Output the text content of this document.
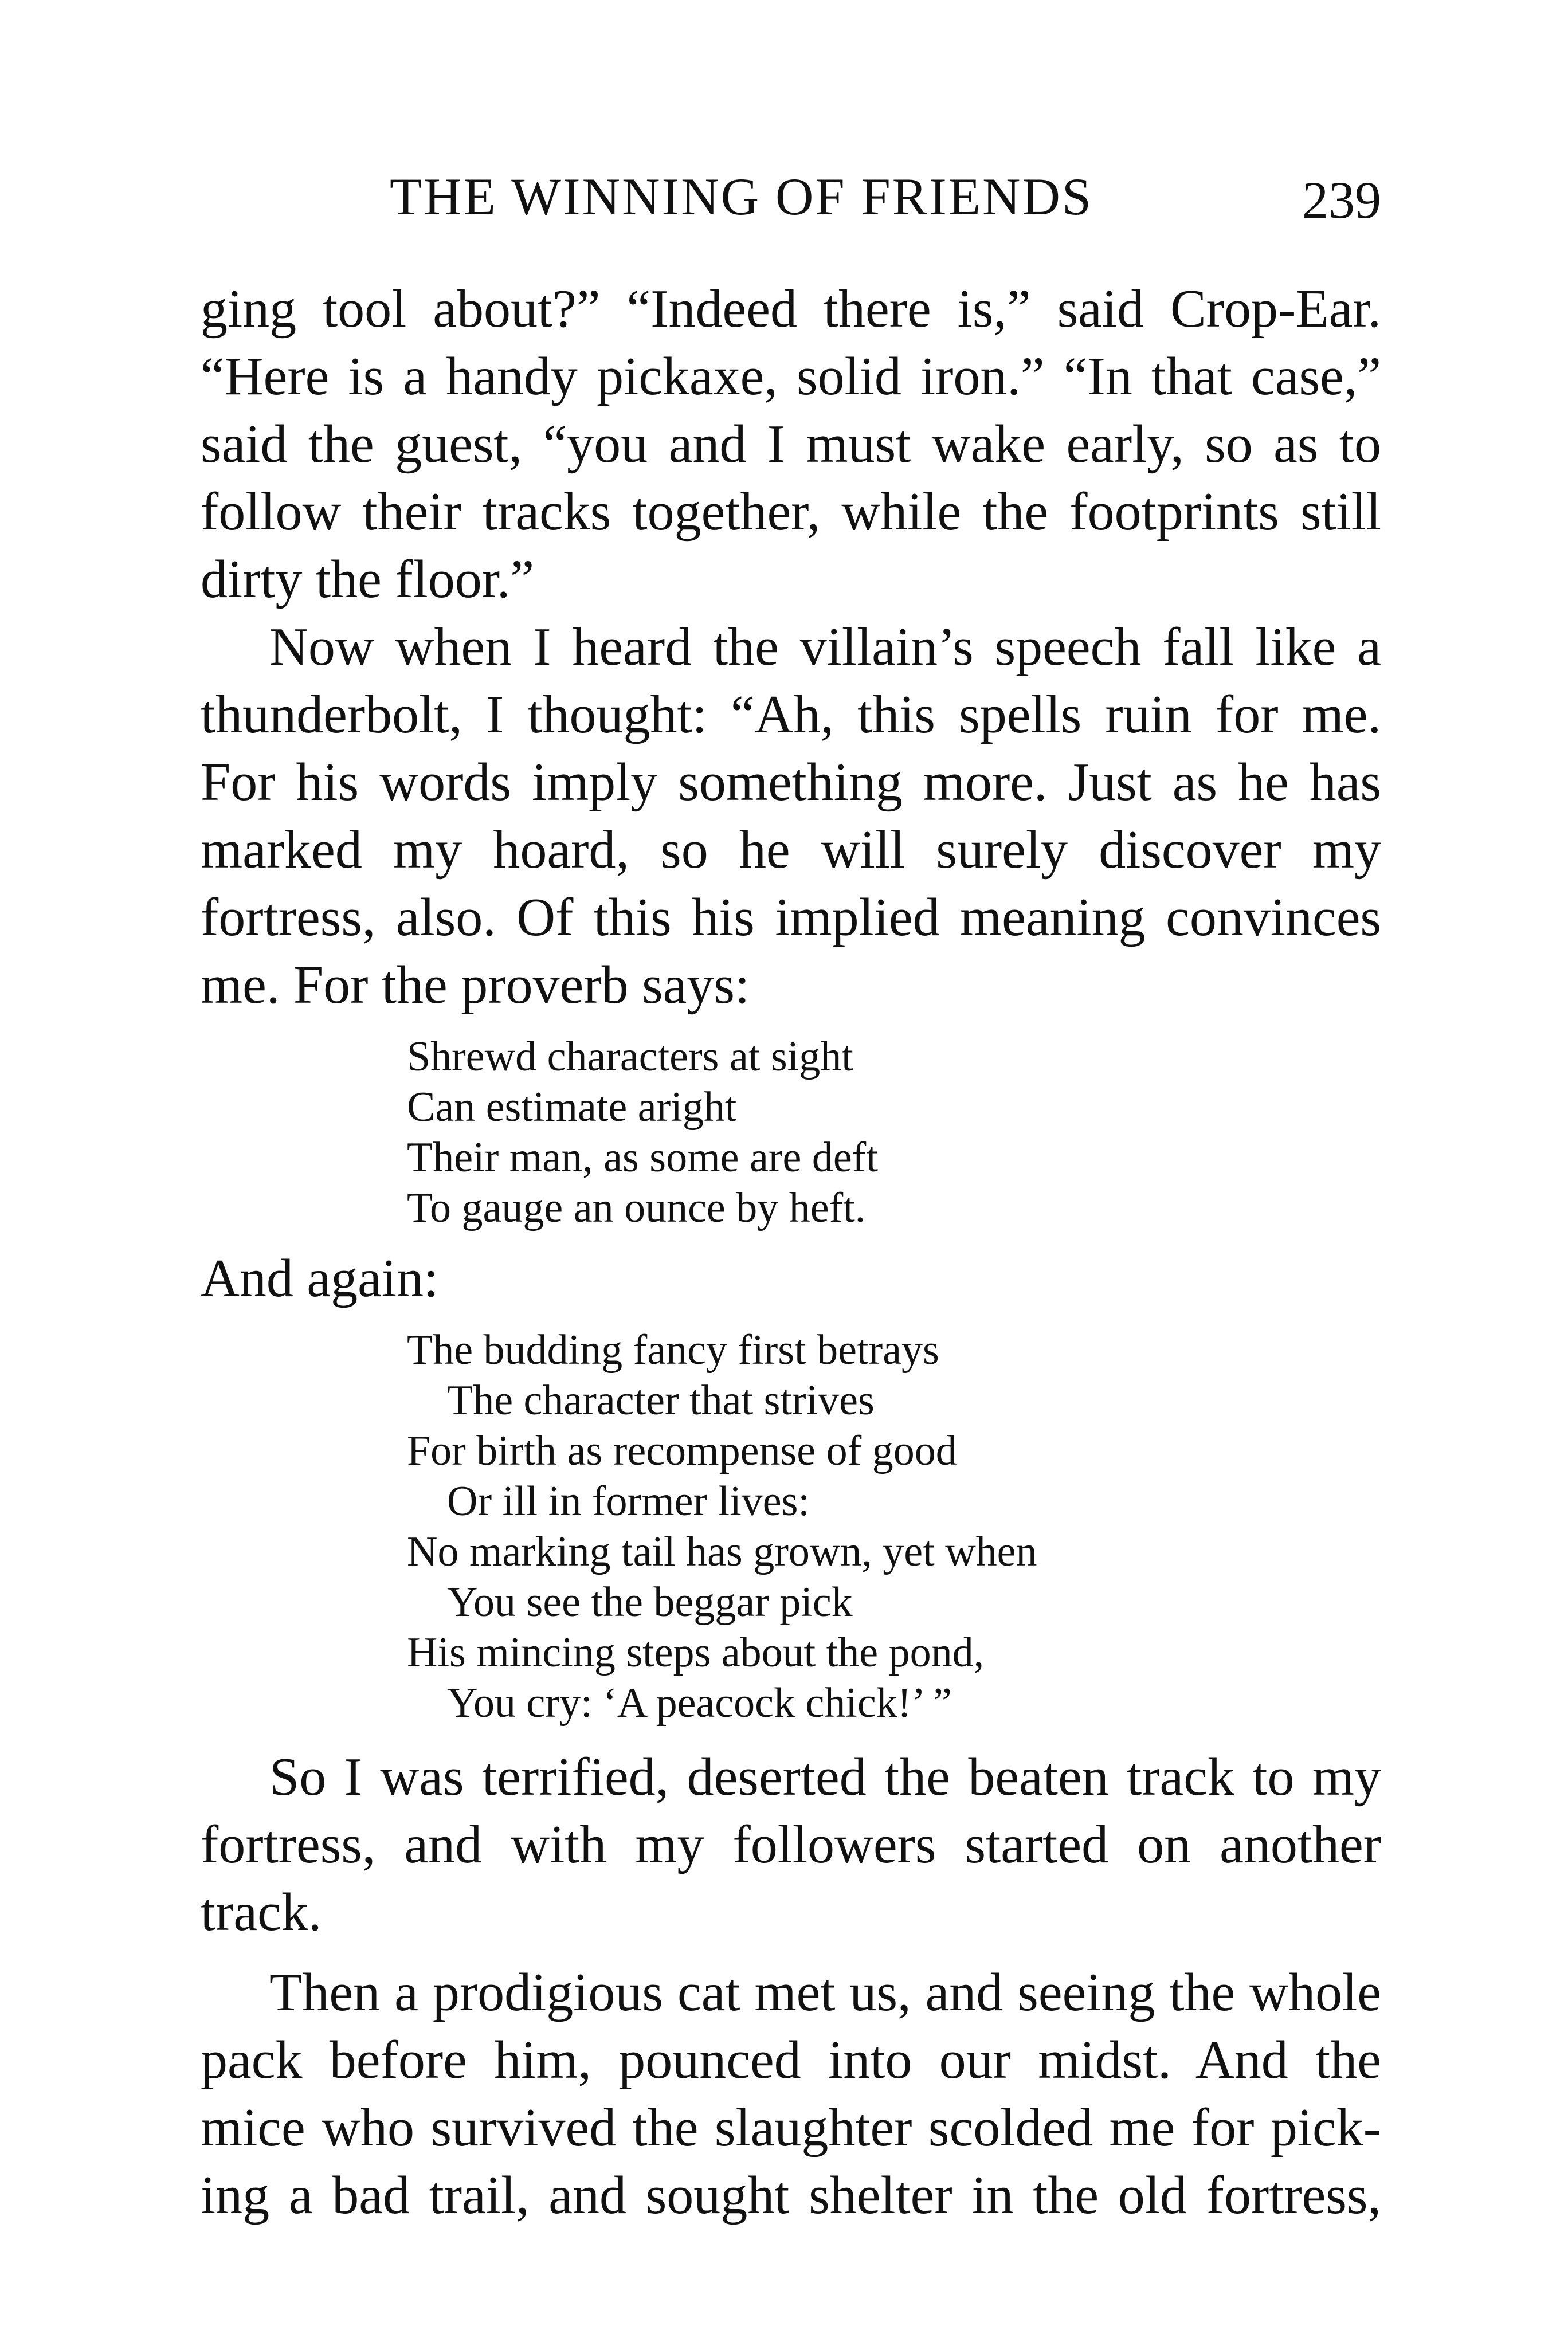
THE WINNING OF FRIENDS	239
ging tool about?” “Indeed there is,” said Crop-Ear.
“Here is a handy pickaxe, solid iron.” “In that case,”
said the guest, “you and I must wake early, so as to
follow their tracks together, while the footprints still
dirty the floor.”
Now when I heard the villain’s speech fall like a
thunderbolt, I thought: “Ah, this spells ruin for me.
For his words imply something more. Just as he has
marked my hoard, so he will surely discover my
fortress, also. Of this his implied meaning convinces
me. For the proverb says:
Shrewd characters at sight
Can estimate aright
Their man, as some are deft
To gauge an ounce by heft.
And again:
The budding fancy first betrays
The character that strives
For birth as recompense of good
Or ill in former lives:
No marking tail has grown, yet when
You see the beggar pick
His mincing steps about the pond,
You cry: ‘A peacock chick!’ ”
So I was terrified, deserted the beaten track to my
fortress, and with my followers started on another
track.
Then a prodigious cat met us, and seeing the whole
pack before him, pounced into our midst. And the
mice who survived the slaughter scolded me for pick-
ing a bad trail, and sought shelter in the old fortress,
